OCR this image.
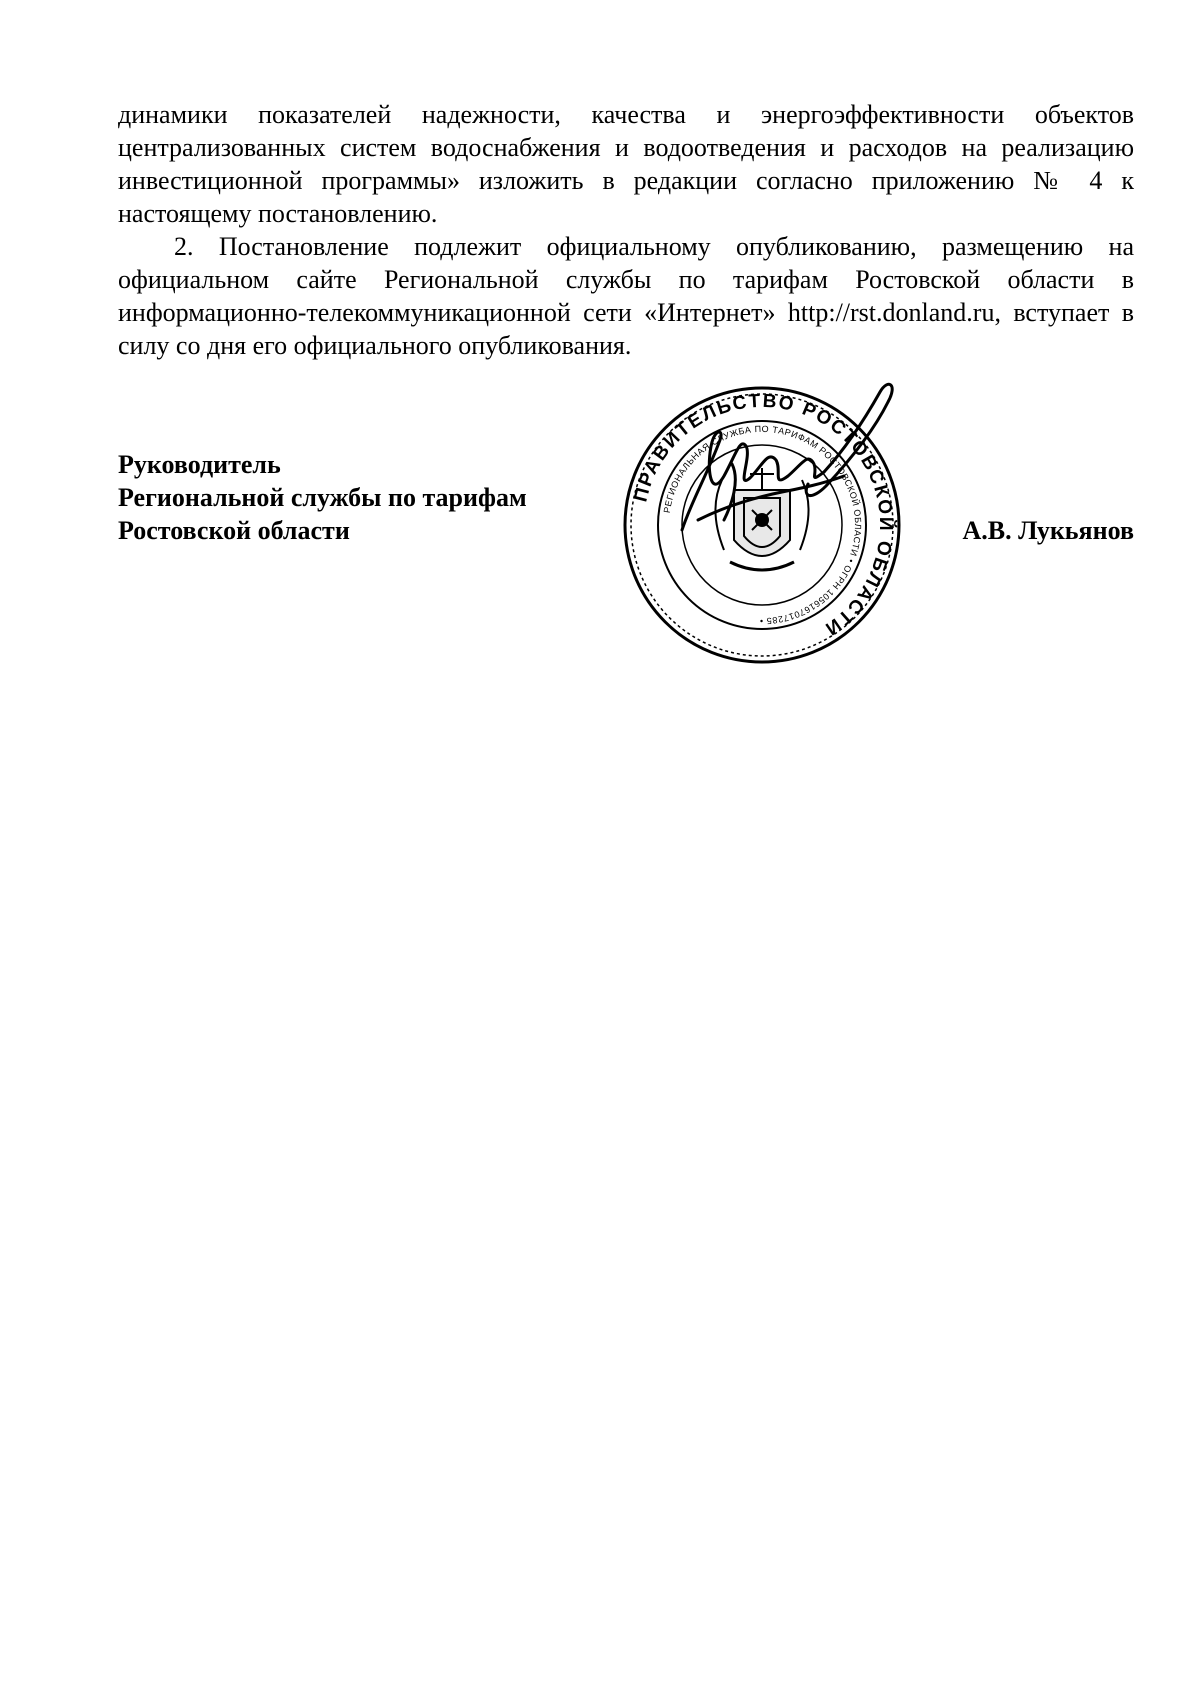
динамики показателей надежности, качества и энергоэффективности объектов централизованных систем водоснабжения и водоотведения и расходов на реализацию инвестиционной программы» изложить в редакции согласно приложению № 4 к настоящему постановлению.

2. Постановление подлежит официальному опубликованию, размещению на официальном сайте Региональной службы по тарифам Ростовской области в информационно-телекоммуникационной сети «Интернет» http://rst.donland.ru, вступает в силу со дня его официального опубликования.

Руководитель
Региональной службы по тарифам
Ростовской области	А.В. Лукьянов
ПРАВИТЕЛЬСТВО РОСТОВСКОЙ ОБЛАСТИ
РЕГИОНАЛЬНАЯ СЛУЖБА ПО ТАРИФАМ РОСТОВСКОЙ ОБЛАСТИ • ОГРН 1056167017285 •
